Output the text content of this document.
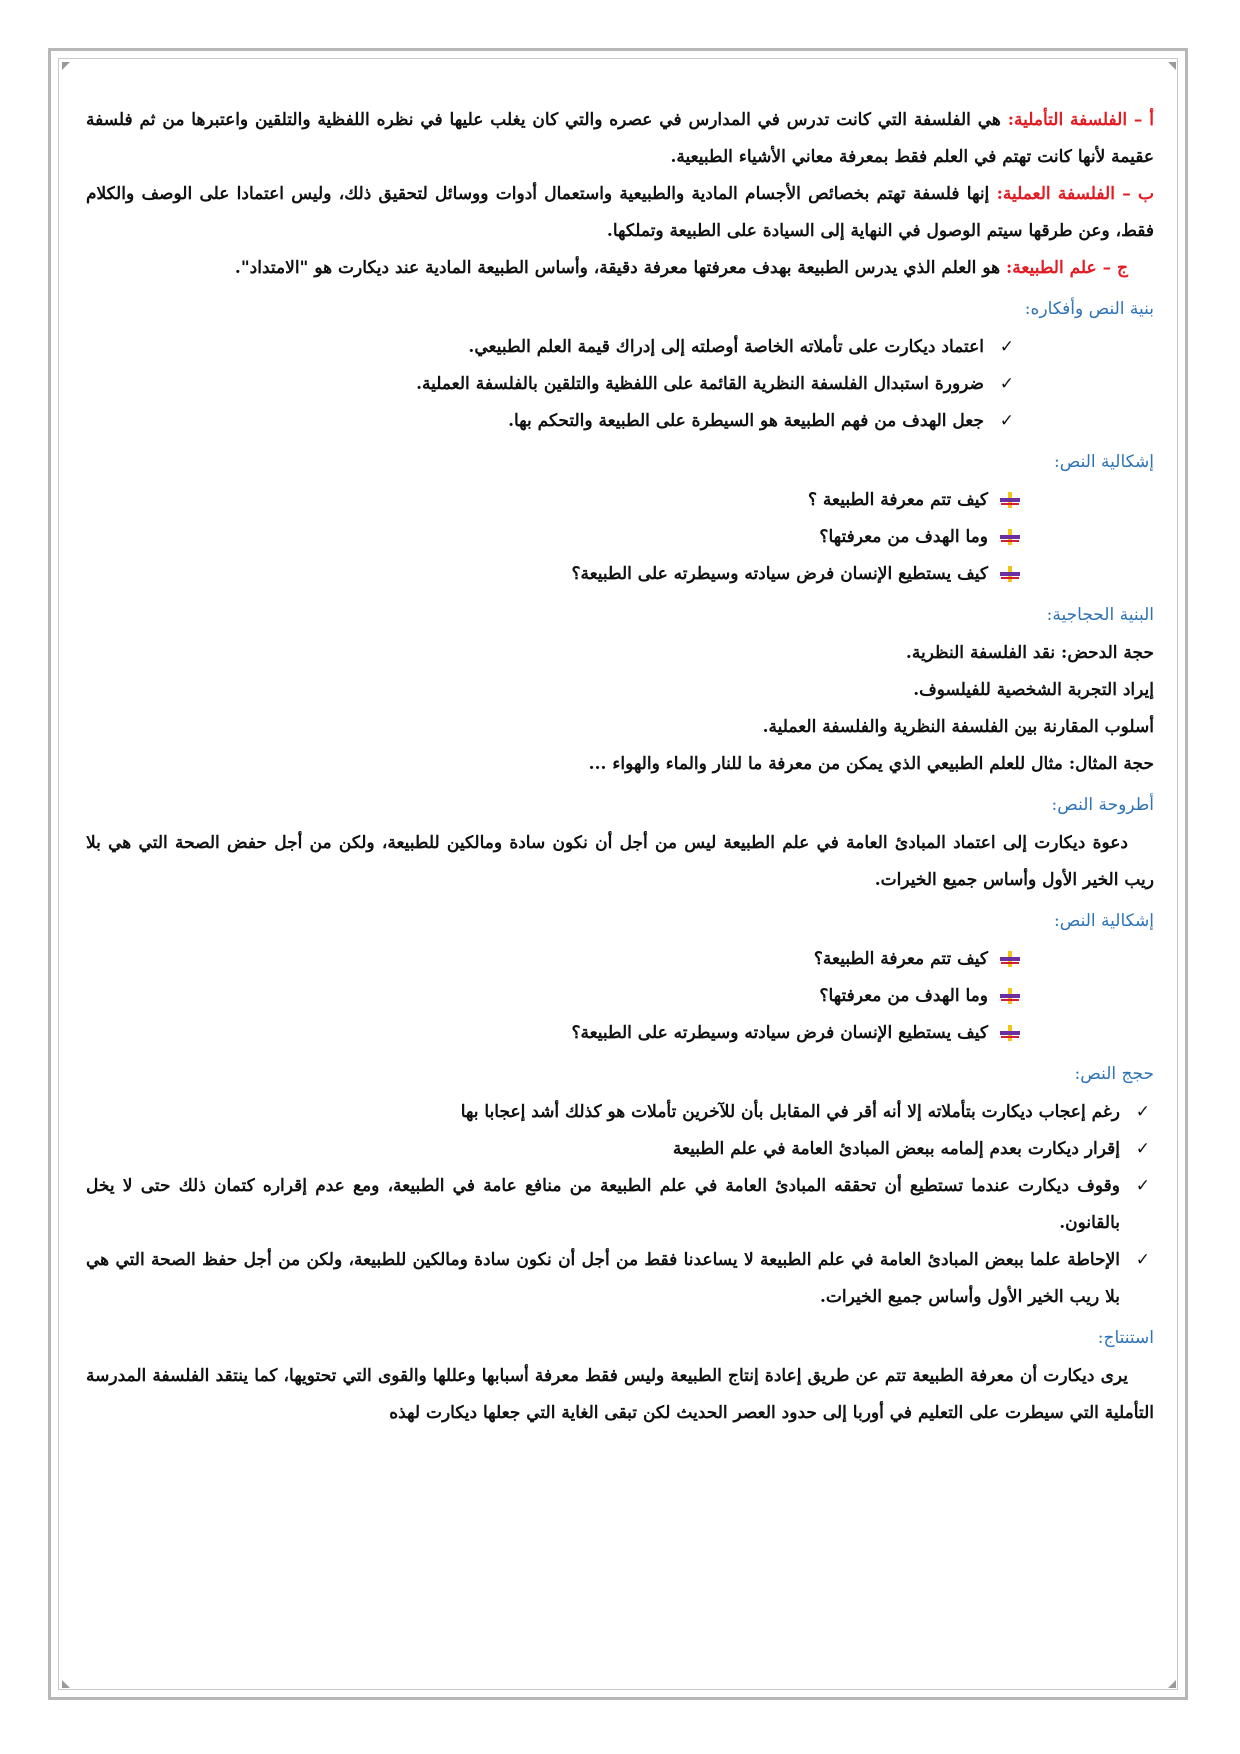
أ – الفلسفة التأملية: هي الفلسفة التي كانت تدرس في المدارس في عصره والتي كان يغلب عليها في نظره اللفظية والتلقين واعتبرها من ثم فلسفة عقيمة لأنها كانت تهتم في العلم فقط بمعرفة معاني الأشياء الطبيعية.

ب – الفلسفة العملية: إنها فلسفة تهتم بخصائص الأجسام المادية والطبيعية واستعمال أدوات ووسائل لتحقيق ذلك، وليس اعتمادا على الوصف والكلام فقط، وعن طرقها سيتم الوصول في النهاية إلى السيادة على الطبيعة وتملكها.

ج – علم الطبيعة: هو العلم الذي يدرس الطبيعة بهدف معرفتها معرفة دقيقة، وأساس الطبيعة المادية عند ديكارت هو "الامتداد".

بنية النص وأفكاره:
✓
اعتماد ديكارت على تأملاته الخاصة أوصلته إلى إدراك قيمة العلم الطبيعي.
✓
ضرورة استبدال الفلسفة النظرية القائمة على اللفظية والتلقين بالفلسفة العملية.
✓
جعل الهدف من فهم الطبيعة هو السيطرة على الطبيعة والتحكم بها.
إشكالية النص:
كيف تتم معرفة الطبيعة ؟
وما الهدف من معرفتها؟
كيف يستطيع الإنسان فرض سيادته وسيطرته على الطبيعة؟
البنية الحجاجية:

حجة الدحض: نقد الفلسفة النظرية.

إيراد التجربة الشخصية للفيلسوف.

أسلوب المقارنة بين الفلسفة النظرية والفلسفة العملية.

حجة المثال: مثال للعلم الطبيعي الذي يمكن من معرفة ما للنار والماء والهواء ...

أطروحة النص:

دعوة ديكارت إلى اعتماد المبادئ العامة في علم الطبيعة ليس من أجل أن نكون سادة ومالكين للطبيعة، ولكن من أجل حفض الصحة التي هي بلا ريب الخير الأول وأساس جميع الخيرات.

إشكالية النص:
كيف تتم معرفة الطبيعة؟
وما الهدف من معرفتها؟
كيف يستطيع الإنسان فرض سيادته وسيطرته على الطبيعة؟
حجج النص:
✓
رغم إعجاب ديكارت بتأملاته إلا أنه أقر في المقابل بأن للآخرين تأملات هو كذلك أشد إعجابا بها
✓
إقرار ديكارت بعدم إلمامه ببعض المبادئ العامة في علم الطبيعة
✓
وقوف ديكارت عندما تستطيع أن تحققه المبادئ العامة في علم الطبيعة من منافع عامة في الطبيعة، ومع عدم إقراره كتمان ذلك حتى لا يخل بالقانون.
✓
الإحاطة علما ببعض المبادئ العامة في علم الطبيعة لا يساعدنا فقط من أجل أن نكون سادة ومالكين للطبيعة، ولكن من أجل حفظ الصحة التي هي بلا ريب الخير الأول وأساس جميع الخيرات.
استنتاج:

يرى ديكارت أن معرفة الطبيعة تتم عن طريق إعادة إنتاج الطبيعة وليس فقط معرفة أسبابها وعللها والقوى التي تحتويها، كما ينتقد الفلسفة المدرسة التأملية التي سيطرت على التعليم في أوربا إلى حدود العصر الحديث لكن تبقى الغاية التي جعلها ديكارت لهذه
